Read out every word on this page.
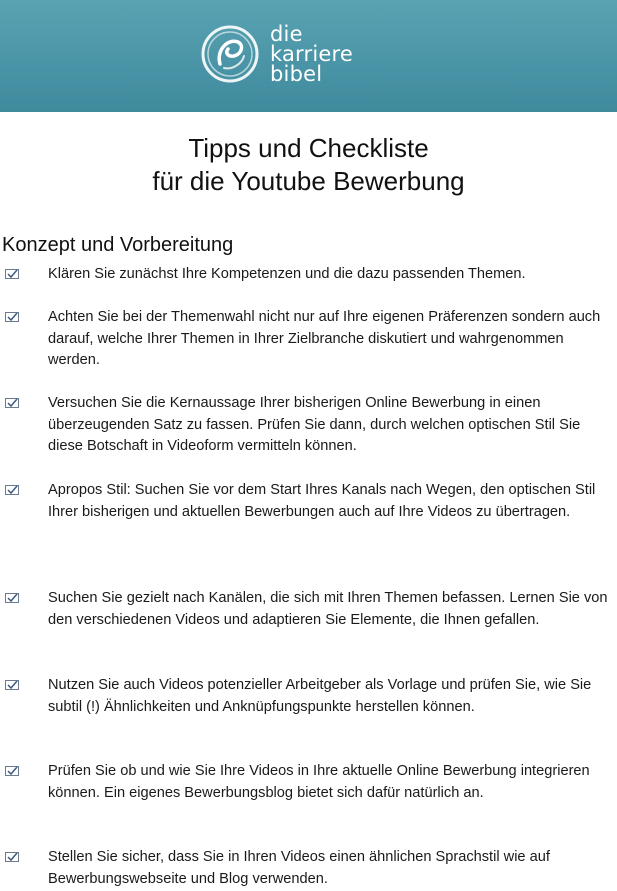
die
karriere
bibel
Tipps und Checkliste
für die Youtube Bewerbung
Konzept und Vorbereitung

Klären Sie zunächst Ihre Kompetenzen und die dazu passenden Themen.

Achten Sie bei der Themenwahl nicht nur auf Ihre eigenen Präferenzen sondern auch darauf, welche Ihrer Themen in Ihrer Zielbranche diskutiert und wahrgenommen werden.

Versuchen Sie die Kernaussage Ihrer bisherigen Online Bewerbung in einen überzeugenden Satz zu fassen. Prüfen Sie dann, durch welchen optischen Stil Sie diese Botschaft in Videoform vermitteln können.

Apropos Stil: Suchen Sie vor dem Start Ihres Kanals nach Wegen, den optischen Stil Ihrer bisherigen und aktuellen Bewerbungen auch auf Ihre Videos zu übertragen.

Suchen Sie gezielt nach Kanälen, die sich mit Ihren Themen befassen. Lernen Sie von den verschiedenen Videos und adaptieren Sie Elemente, die Ihnen gefallen.

Nutzen Sie auch Videos potenzieller Arbeitgeber als Vorlage und prüfen Sie, wie Sie subtil (!) Ähnlichkeiten und Anknüpfungspunkte herstellen können.

Prüfen Sie ob und wie Sie Ihre Videos in Ihre aktuelle Online Bewerbung integrieren können. Ein eigenes Bewerbungsblog bietet sich dafür natürlich an.

Stellen Sie sicher, dass Sie in Ihren Videos einen ähnlichen Sprachstil wie auf Bewerbungswebseite und Blog verwenden.
